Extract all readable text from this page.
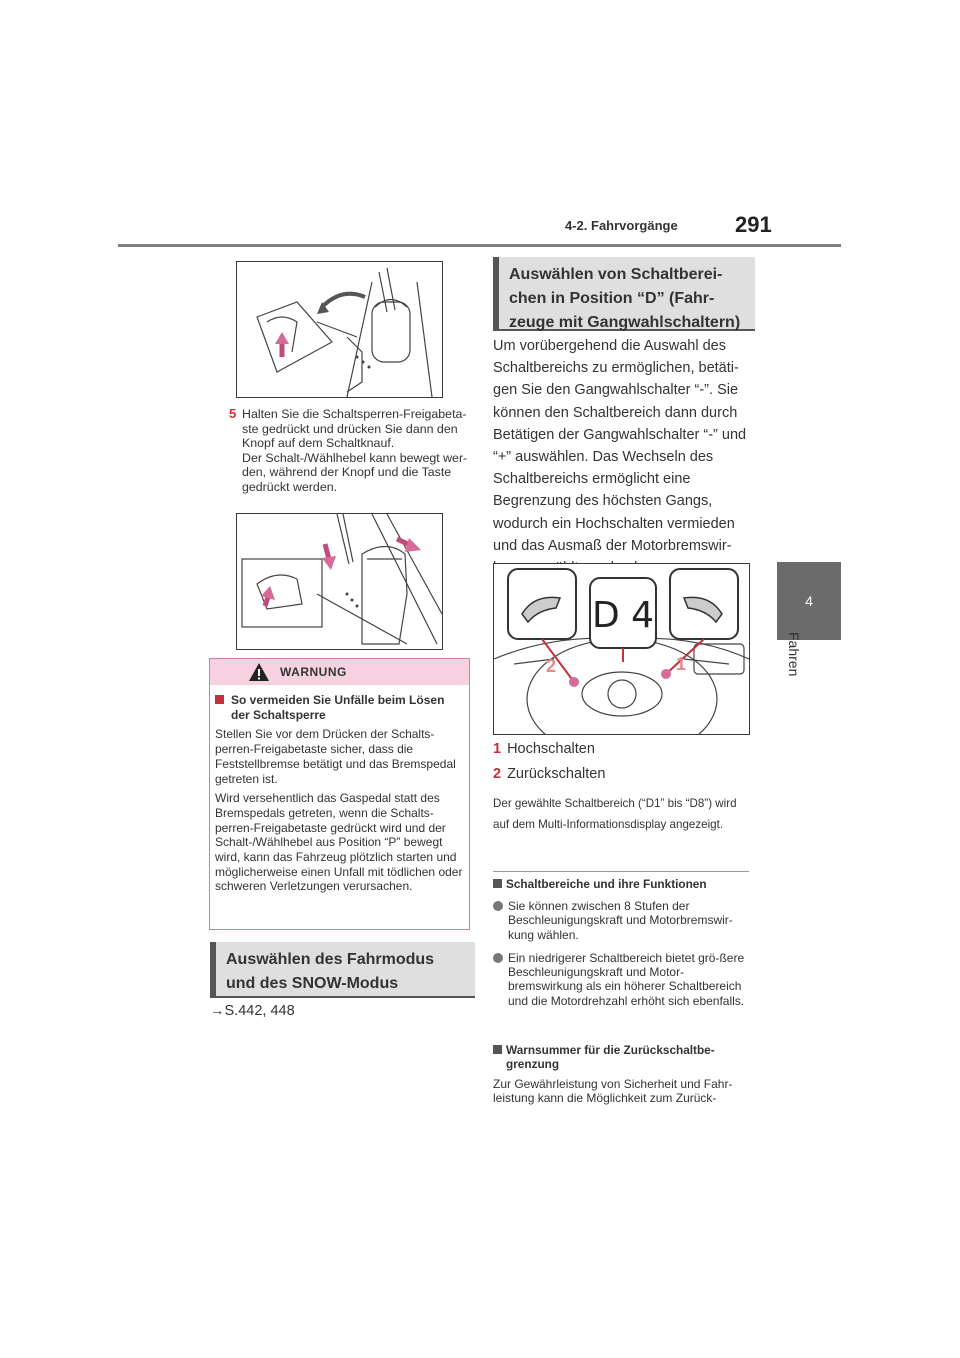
4-2. Fahrvorgänge	291
4
Fahren
5 Halten Sie die Schaltsperren-Freigabeta-
ste gedrückt und drücken Sie dann den
Knopf auf dem Schaltknauf.
Der Schalt-/Wählhebel kann bewegt wer-
den, während der Knopf und die Taste
gedrückt werden.
WARNUNG
So vermeiden Sie Unfälle beim Lösen der Schaltsperre
Stellen Sie vor dem Drücken der Schalts-perren-Freigabetaste sicher, dass die Feststellbremse betätigt und das Bremspedal getreten ist.
Wird versehentlich das Gaspedal statt des Bremspedals getreten, wenn die Schalts-perren-Freigabetaste gedrückt wird und der Schalt-/Wählhebel aus Position “P” bewegt wird, kann das Fahrzeug plötzlich starten und möglicherweise einen Unfall mit tödlichen oder schweren Verletzungen verursachen.
Auswählen des Fahrmodus und des SNOW-Modus
→S.442, 448
Auswählen von Schaltberei-chen in Position “D” (Fahr-zeuge mit Gangwahlschaltern)
Um vorübergehend die Auswahl des Schaltbereichs zu ermöglichen, betäti-gen Sie den Gangwahlschalter “-”. Sie können den Schaltbereich dann durch Betätigen der Gangwahlschalter “-” und “+” auswählen. Das Wechseln des Schaltbereichs ermöglicht eine Begrenzung des höchsten Gangs, wodurch ein Hochschalten vermieden und das Ausmaß der Motorbremswir-
D 4
2	1
1 Hochschalten
2 Zurückschalten
Der gewählte Schaltbereich (“D1” bis “D8”) wird auf dem Multi-Informationsdisplay angezeigt.
Schaltbereiche und ihre Funktionen
Sie können zwischen 8 Stufen der Beschleunigungskraft und Motorbremswir-kung wählen.
Ein niedrigerer Schaltbereich bietet grö-ßere Beschleunigungskraft und Motor-bremswirkung als ein höherer Schaltbereich und die Motordrehzahl erhöht sich ebenfalls.
Warnsummer für die Zurückschaltbe-grenzung
Zur Gewährleistung von Sicherheit und Fahr-leistung kann die Möglichkeit zum Zurück-
